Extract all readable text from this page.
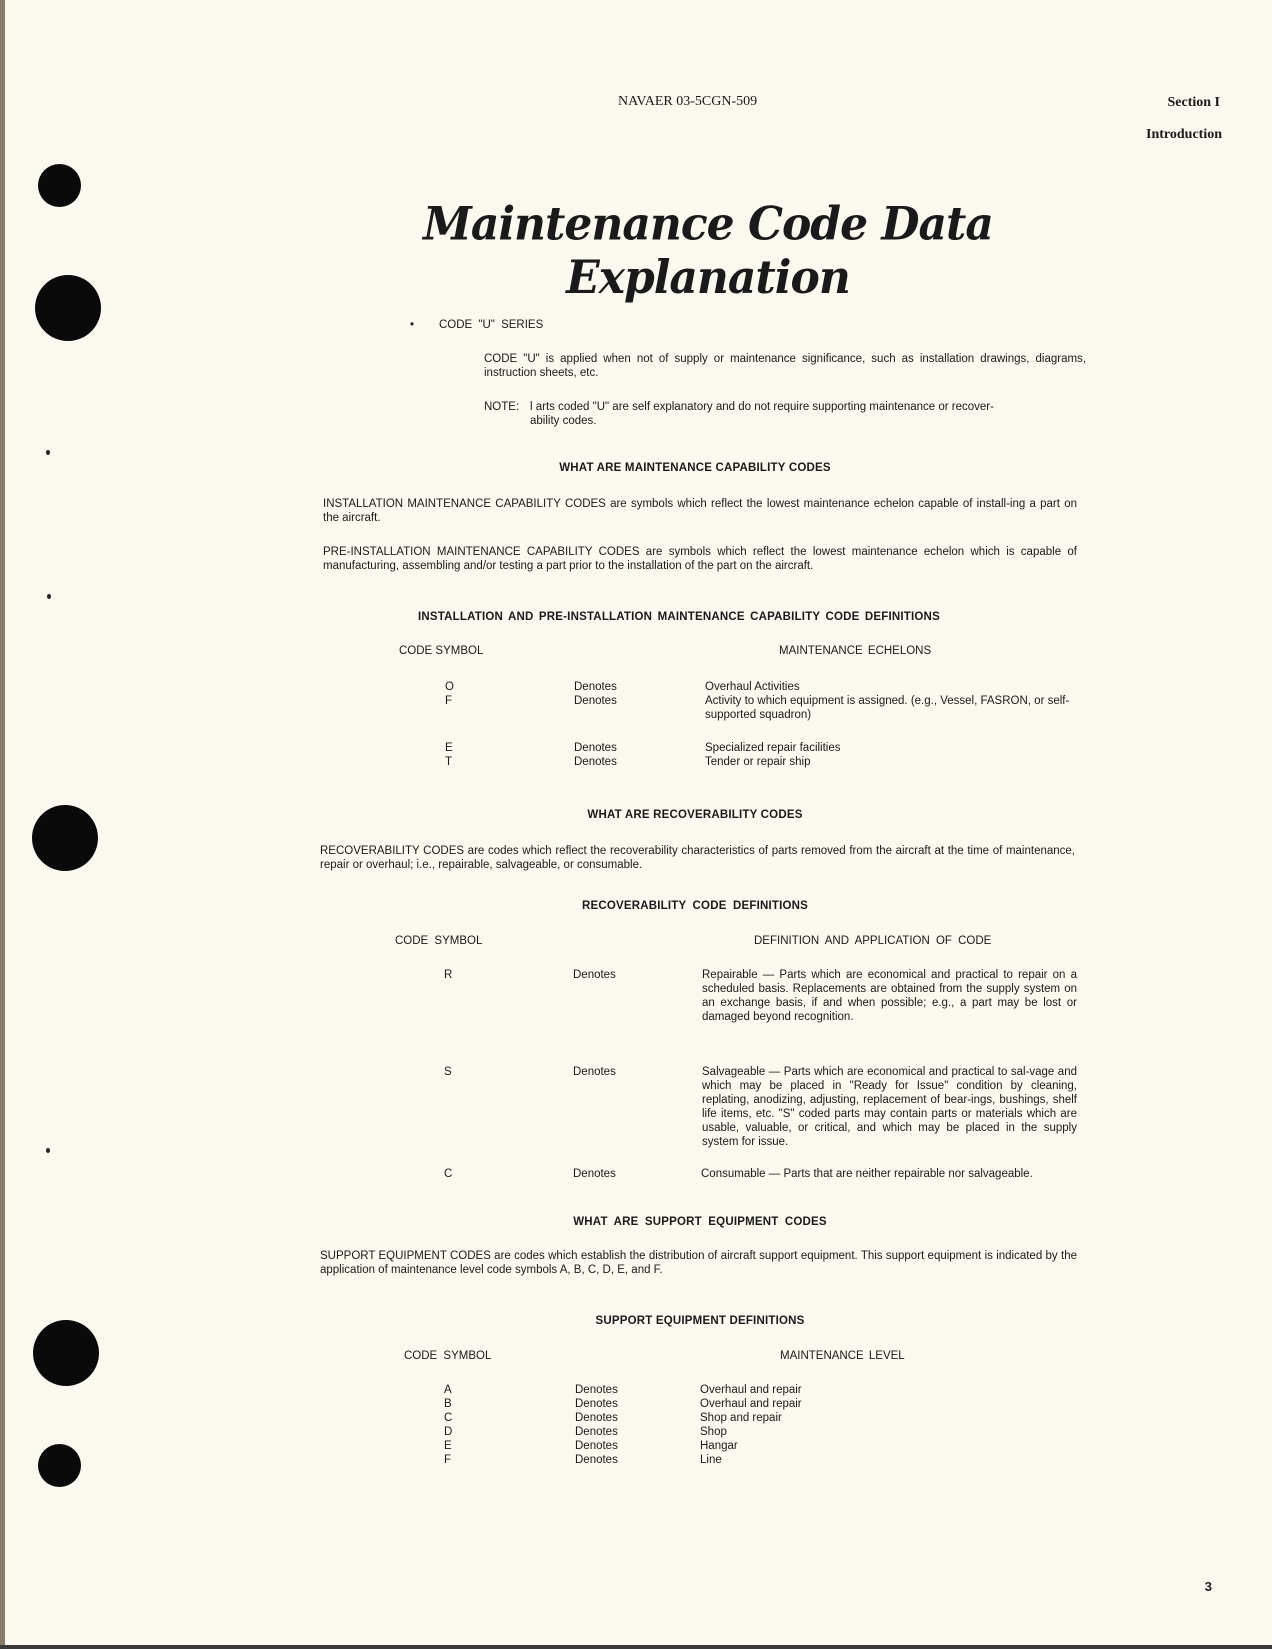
NAVAER 03-5CGN-509	Section I
Introduction
Maintenance Code Data Explanation
• CODE "U" SERIES
CODE "U" is applied when not of supply or maintenance significance, such as installation drawings, diagrams, instruction sheets, etc.
NOTE: l arts coded "U" are self explanatory and do not require supporting maintenance or recover-
ability codes.
WHAT ARE MAINTENANCE CAPABILITY CODES
INSTALLATION MAINTENANCE CAPABILITY CODES are symbols which reflect the lowest maintenance echelon capable of install-ing a part on the aircraft.
PRE-INSTALLATION MAINTENANCE CAPABILITY CODES are symbols which reflect the lowest maintenance echelon which is capable of manufacturing, assembling and/or testing a part prior to the installation of the part on the aircraft.
INSTALLATION AND PRE-INSTALLATION MAINTENANCE CAPABILITY CODE DEFINITIONS
CODE SYMBOL	MAINTENANCE ECHELONS
O	Denotes	Overhaul Activities
F	Denotes	Activity to which equipment is assigned. (e.g., Vessel, FASRON, or self-supported squadron)
E	Denotes	Specialized repair facilities
T	Denotes	Tender or repair ship
WHAT ARE RECOVERABILITY CODES
RECOVERABILITY CODES are codes which reflect the recoverability characteristics of parts removed from the aircraft at the time of maintenance, repair or overhaul; i.e., repairable, salvageable, or consumable.
RECOVERABILITY CODE DEFINITIONS
CODE SYMBOL	DEFINITION AND APPLICATION OF CODE
R	Denotes	Repairable — Parts which are economical and practical to repair on a scheduled basis. Replacements are obtained from the supply system on an exchange basis, if and when possible; e.g., a part may be lost or damaged beyond recognition.
S	Denotes	Salvageable — Parts which are economical and practical to sal-vage and which may be placed in "Ready for Issue" condition by cleaning, replating, anodizing, adjusting, replacement of bear-ings, bushings, shelf life items, etc. "S" coded parts may contain parts or materials which are usable, valuable, or critical, and which may be placed in the supply system for issue.
C	Denotes	Consumable — Parts that are neither repairable nor salvageable.
WHAT ARE SUPPORT EQUIPMENT CODES
SUPPORT EQUIPMENT CODES are codes which establish the distribution of aircraft support equipment. This support equipment is indicated by the application of maintenance level code symbols A, B, C, D, E, and F.
SUPPORT EQUIPMENT DEFINITIONS
CODE SYMBOL	MAINTENANCE LEVEL
A	Denotes	Overhaul and repair
B	Denotes	Overhaul and repair
C	Denotes	Shop and repair
D	Denotes	Shop
E	Denotes	Hangar
F	Denotes	Line
3
